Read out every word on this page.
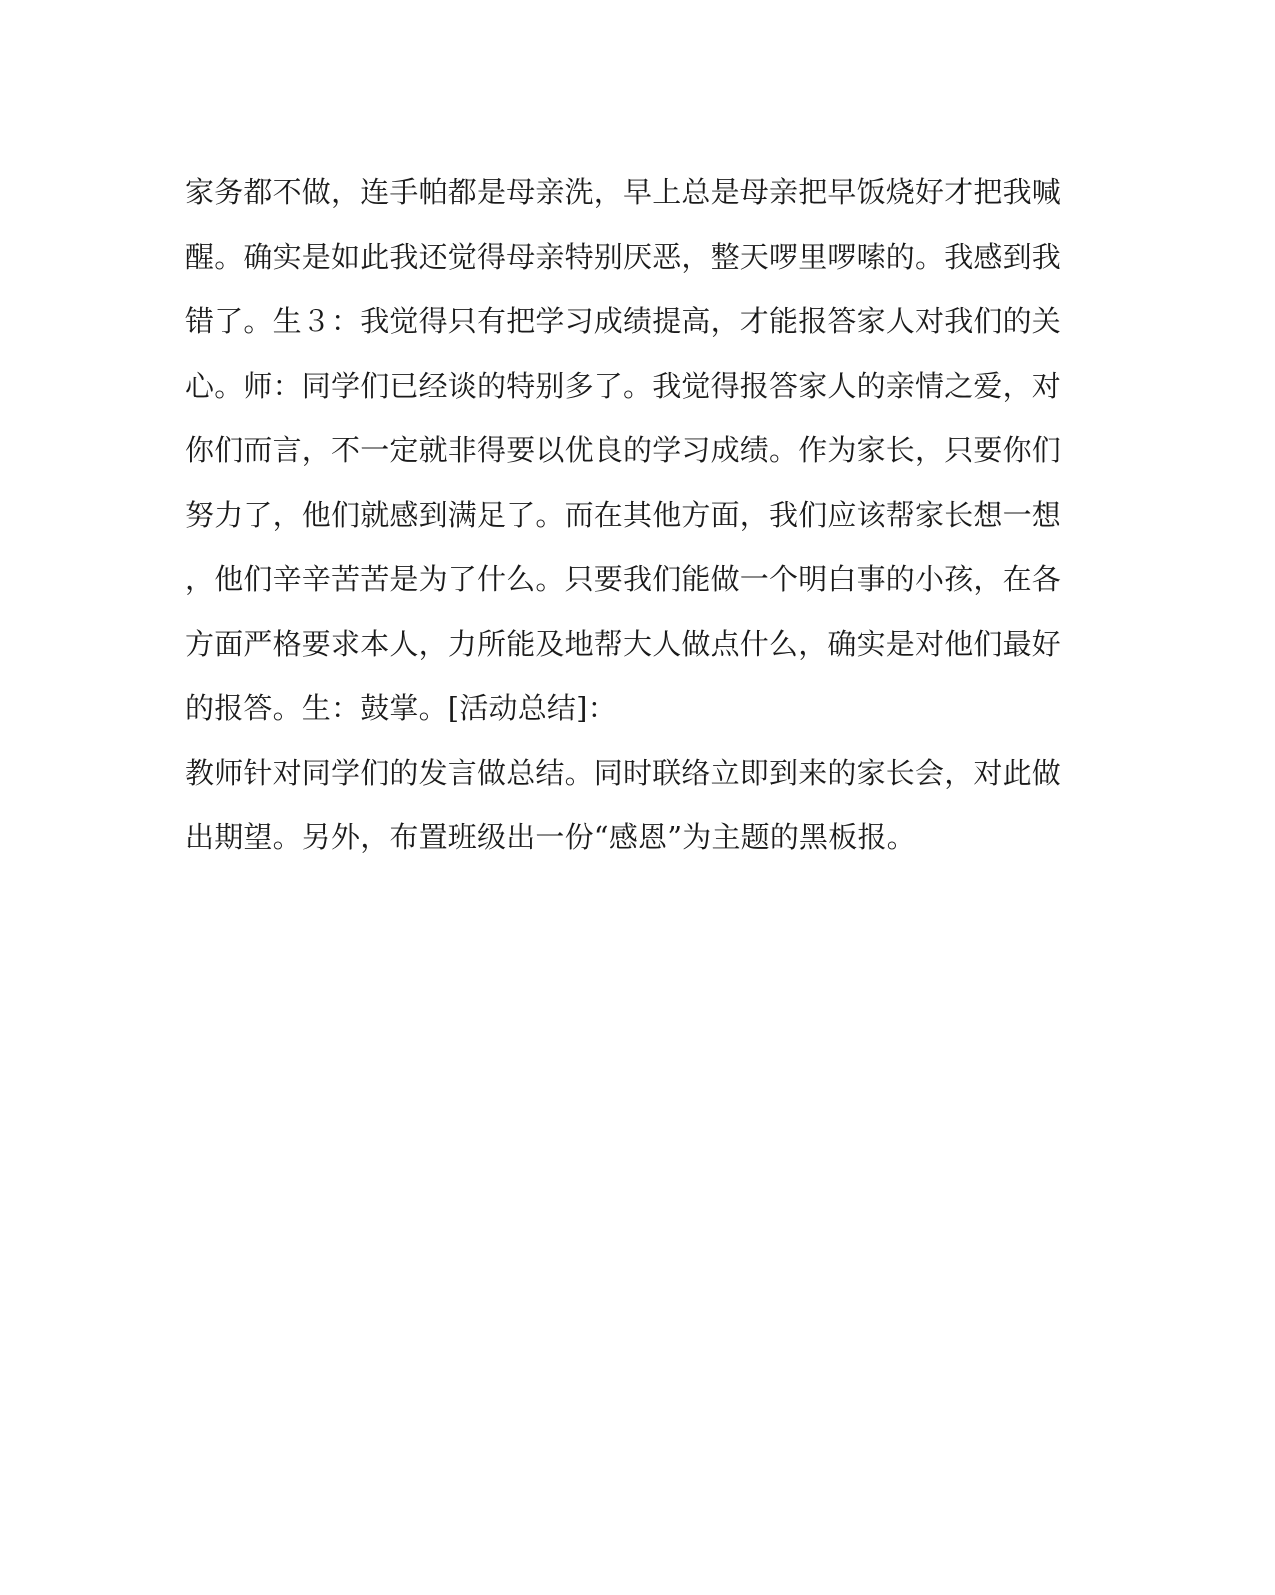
家务都不做，连手帕都是母亲洗，早上总是母亲把早饭烧好才把我喊
醒。确实是如此我还觉得母亲特别厌恶，整天啰里啰嗦的。我感到我
错了。生３：我觉得只有把学习成绩提高，才能报答家人对我们的关
心。师：同学们已经谈的特别多了。我觉得报答家人的亲情之爱，对
你们而言，不一定就非得要以优良的学习成绩。作为家长，只要你们
努力了，他们就感到满足了。而在其他方面，我们应该帮家长想一想
，他们辛辛苦苦是为了什么。只要我们能做一个明白事的小孩，在各
方面严格要求本人，力所能及地帮大人做点什么，确实是对他们最好
的报答。生：鼓掌。[活动总结]：
教师针对同学们的发言做总结。同时联络立即到来的家长会，对此做
出期望。另外，布置班级出一份“感恩”为主题的黑板报。
